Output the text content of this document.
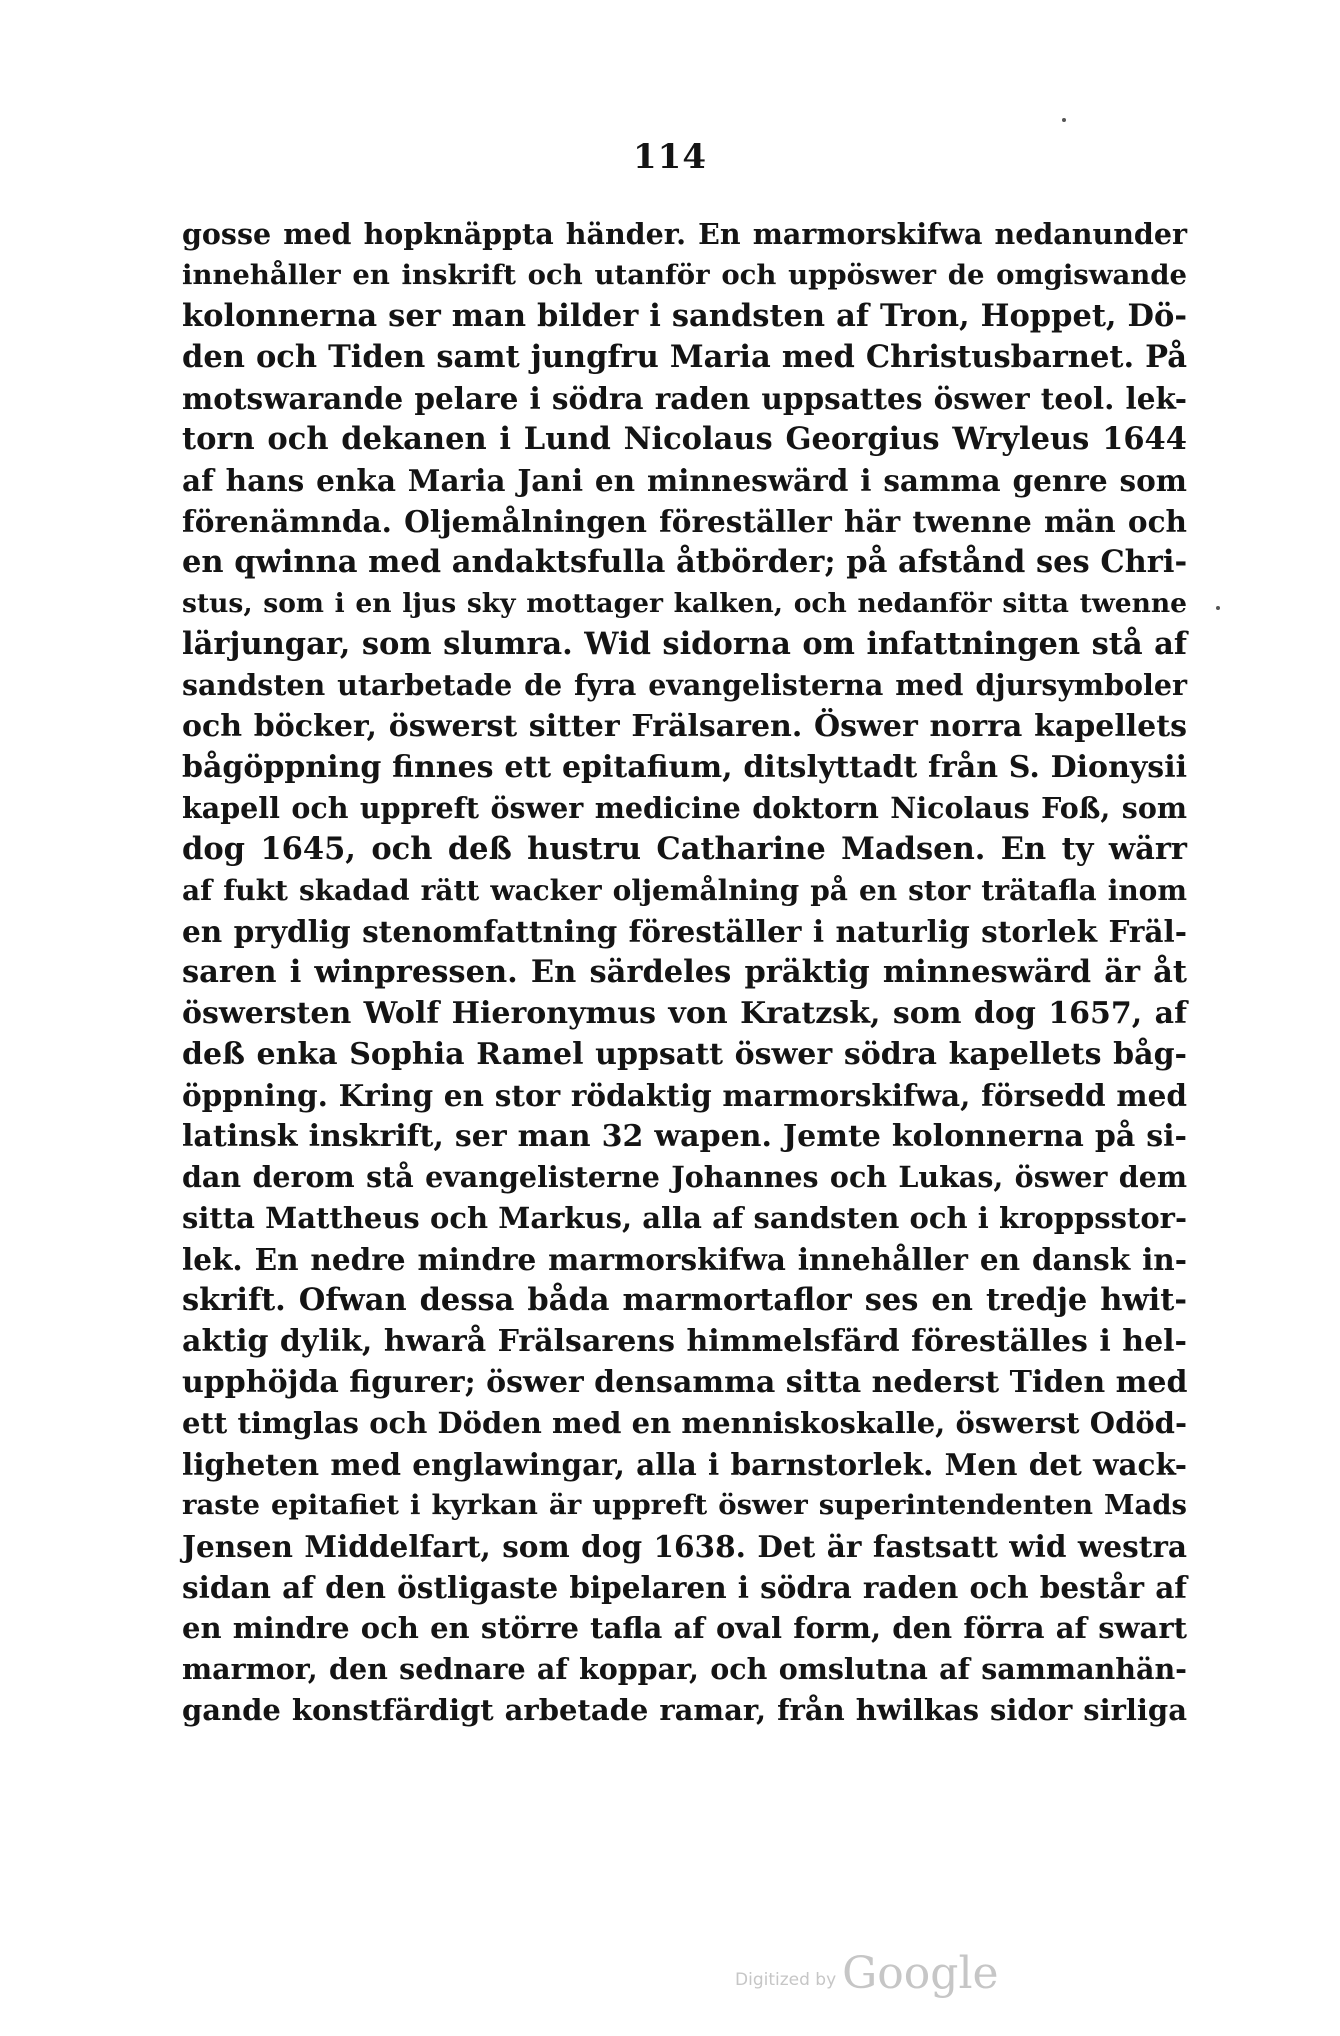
114
gosse med hopknäppta händer. En marmorskifwa nedanunder
innehåller en inskrift och utanför och uppöswer de omgiswande
kolonnerna ser man bilder i sandsten af Tron, Hoppet, Dö-
den och Tiden samt jungfru Maria med Christusbarnet. På
motswarande pelare i södra raden uppsattes öswer teol. lek-
torn och dekanen i Lund Nicolaus Georgius Wryleus 1644
af hans enka Maria Jani en minneswärd i samma genre som
förenämnda. Oljemålningen föreställer här twenne män och
en qwinna med andaktsfulla åtbörder; på afstånd ses Chri-
stus, som i en ljus sky mottager kalken, och nedanför sitta twenne
lärjungar, som slumra. Wid sidorna om infattningen stå af
sandsten utarbetade de fyra evangelisterna med djursymboler
och böcker, öswerst sitter Frälsaren. Öswer norra kapellets
bågöppning finnes ett epitafium, ditslyttadt från S. Dionysii
kapell och uppreft öswer medicine doktorn Nicolaus Foß, som
dog 1645, och deß hustru Catharine Madsen. En ty wärr
af fukt skadad rätt wacker oljemålning på en stor trätafla inom
en prydlig stenomfattning föreställer i naturlig storlek Fräl-
saren i winpressen. En särdeles präktig minneswärd är åt
öswersten Wolf Hieronymus von Kratzsk, som dog 1657, af
deß enka Sophia Ramel uppsatt öswer södra kapellets båg-
öppning. Kring en stor rödaktig marmorskifwa, försedd med
latinsk inskrift, ser man 32 wapen. Jemte kolonnerna på si-
dan derom stå evangelisterne Johannes och Lukas, öswer dem
sitta Mattheus och Markus, alla af sandsten och i kroppsstor-
lek. En nedre mindre marmorskifwa innehåller en dansk in-
skrift. Ofwan dessa båda marmortaflor ses en tredje hwit-
aktig dylik, hwarå Frälsarens himmelsfärd föreställes i hel-
upphöjda figurer; öswer densamma sitta nederst Tiden med
ett timglas och Döden med en menniskoskalle, öswerst Odöd-
ligheten med englawingar, alla i barnstorlek. Men det wack-
raste epitafiet i kyrkan är uppreft öswer superintendenten Mads
Jensen Middelfart, som dog 1638. Det är fastsatt wid westra
sidan af den östligaste bipelaren i södra raden och består af
en mindre och en större tafla af oval form, den förra af swart
marmor, den sednare af koppar, och omslutna af sammanhän-
gande konstfärdigt arbetade ramar, från hwilkas sidor sirliga
Digitized by Google
